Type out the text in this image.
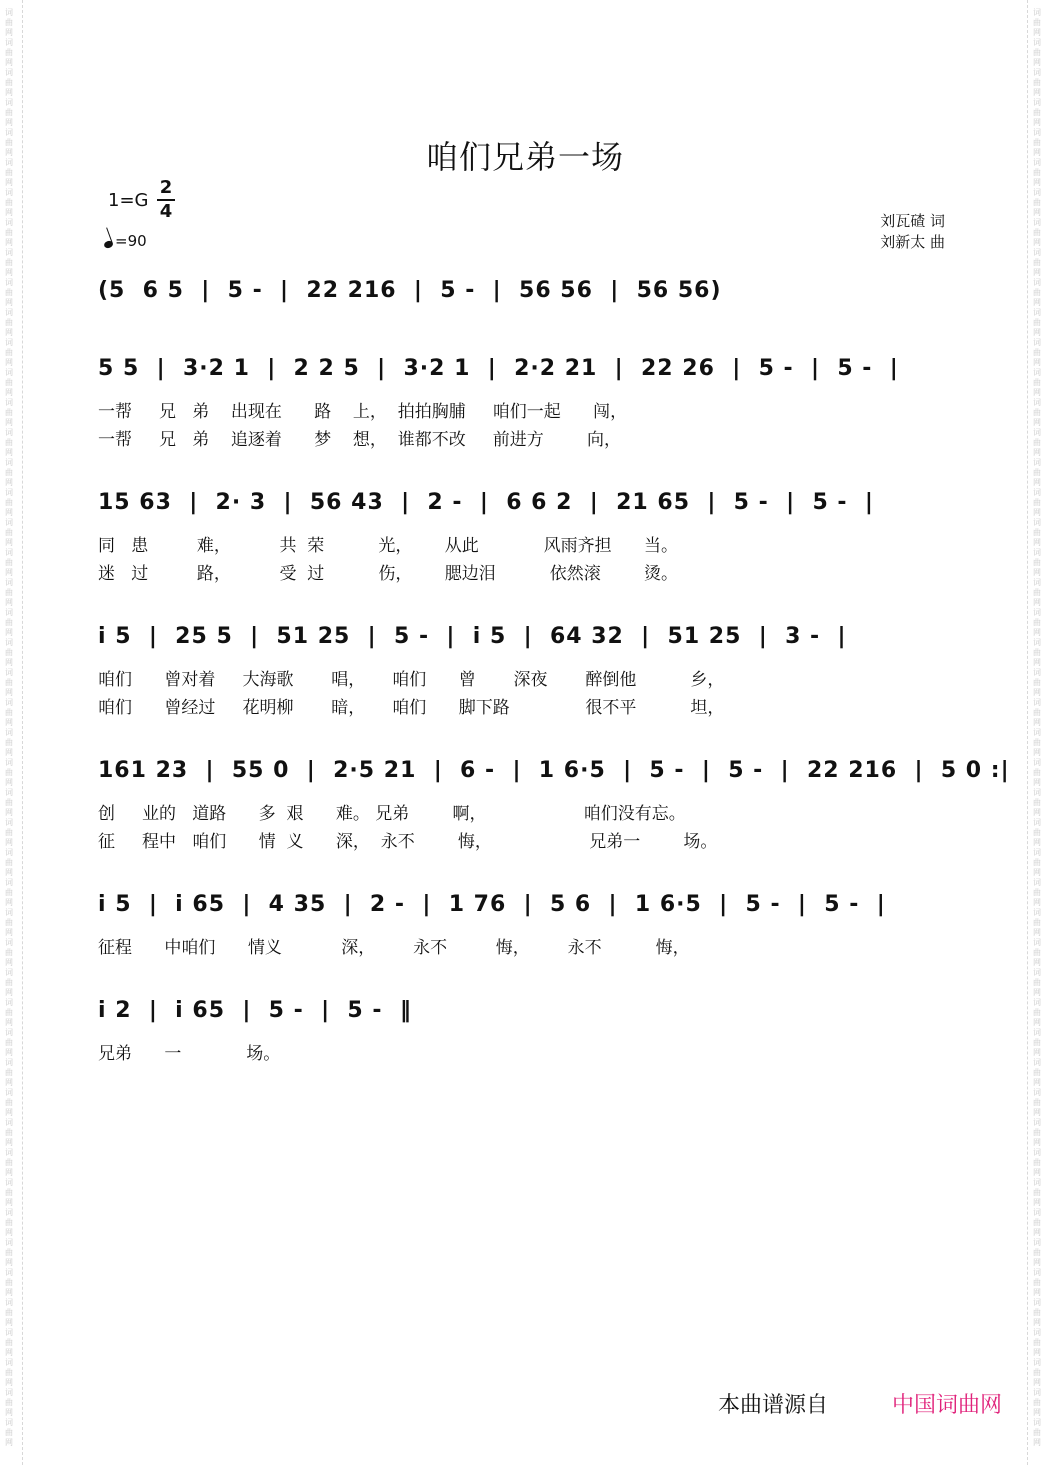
词
曲
网
词
曲
网
词
曲
网
词
曲
网
词
曲
网
词
曲
网
词
曲
网
词
曲
网
词
曲
网
词
曲
网
词
曲
网
词
曲
网
词
曲
网
词
曲
网
词
曲
网
词
曲
网
词
曲
网
词
曲
网
词
曲
网
词
曲
网
词
曲
网
词
曲
网
词
曲
网
词
曲
网
词
曲
网
词
曲
网
词
曲
网
词
曲
网
词
曲
网
词
曲
网
词
曲
网
词
曲
网
词
曲
网
词
曲
网
词
曲
网
词
曲
网
词
曲
网
词
曲
网
词
曲
网
词
曲
网
词
曲
网
词
曲
网
词
曲
网
词
曲
网
词
曲
网
词
曲
网
词
曲
网
词
曲
网
词
曲
网
词
曲
网
词
曲
网
词
曲
网
词
曲
网
词
曲
网
词
曲
网
词
曲
网
词
曲
网
词
曲
网
词
曲
网
词
曲
网
词
曲
网
词
曲
网
词
曲
网
词
曲
网
词
曲
网
词
曲
网
词
曲
网
词
曲
网
词
曲
网
词
曲
网
词
曲
网
词
曲
网
词
曲
网
词
曲
网
词
曲
网
词
曲
网
词
曲
网
词
曲
网
词
曲
网
词
曲
网
词
曲
网
词
曲
网
词
曲
网
词
曲
网
词
曲
网
词
曲
网
词
曲
网
词
曲
网
词
曲
网
词
曲
网
词
曲
网
词
曲
网
词
曲
网
词
曲
网
词
曲
网
词
曲
网
咱们兄弟一场
1=G
2
4
=90
刘瓦碴 词
刘新太 曲
(5  6 5  |  5 -  |  22 216  |  5 -  |  56 56  |  56 56)
5 5  |  3·2 1  |  2 2 5  |  3·2 1  |  2·2 21  |  22 26  |  5 -  |  5 -  |
一帮     兄   弟    出现在      路    上，  拍拍胸脯     咱们一起      闯，
一帮     兄   弟    追逐着      梦    想，  谁都不改     前进方        向，
15 63  |  2· 3  |  56 43  |  2 -  |  6 6 2  |  21 65  |  5 -  |  5 -  |
同   患         难，         共  荣          光，      从此            风雨齐担      当。
迷   过         路，         受  过          伤，      腮边泪          依然滚        烫。
i 5  |  25 5  |  51 25  |  5 -  |  i 5  |  64 32  |  51 25  |  3 -  |
咱们      曾对着     大海歌       唱，     咱们      曾       深夜       醉倒他          乡，
咱们      曾经过     花明柳       暗，     咱们      脚下路              很不平          坦，
161 23  |  55 0  |  2·5 21  |  6 -  |  1 6·5  |  5 -  |  5 -  |  22 216  |  5 0 :|
创     业的   道路      多  艰      难。 兄弟        啊，                  咱们没有忘。
征     程中   咱们      情  义      深，  永不        悔，                  兄弟一        场。
i 5  |  i 65  |  4 35  |  2 -  |  1 76  |  5 6  |  1 6·5  |  5 -  |  5 -  |
征程      中咱们      情义           深，       永不         悔，       永不          悔，
i 2  |  i 65  |  5 -  |  5 -  ‖
兄弟      一            场。
本曲谱源自	中国词曲网
